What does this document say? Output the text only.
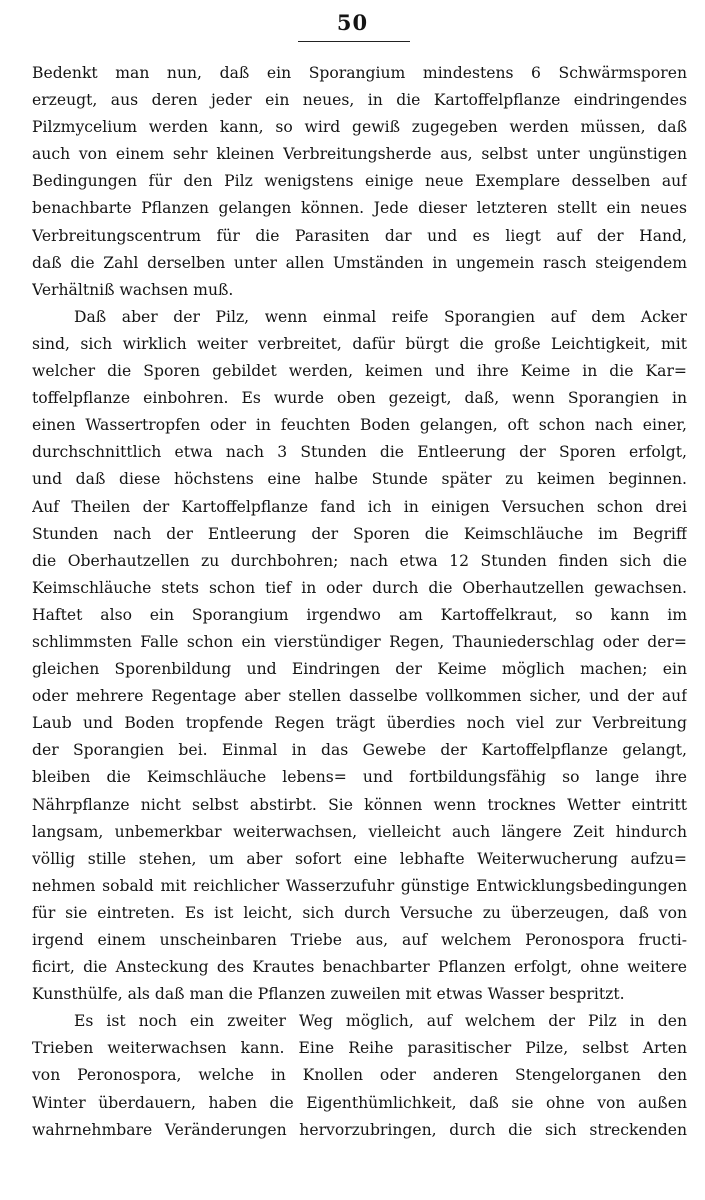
50
Bedenkt man nun, daß ein Sporangium mindestens 6 Schwärmsporen
erzeugt, aus deren jeder ein neues, in die Kartoffelpflanze eindringendes
Pilzmycelium werden kann, so wird gewiß zugegeben werden müssen, daß
auch von einem sehr kleinen Verbreitungsherde aus, selbst unter ungünstigen
Bedingungen für den Pilz wenigstens einige neue Exemplare desselben auf
benachbarte Pflanzen gelangen können. Jede dieser letzteren stellt ein neues
Verbreitungscentrum für die Parasiten dar und es liegt auf der Hand,
daß die Zahl derselben unter allen Umständen in ungemein rasch steigendem
Verhältniß wachsen muß.
Daß aber der Pilz, wenn einmal reife Sporangien auf dem Acker
sind, sich wirklich weiter verbreitet, dafür bürgt die große Leichtigkeit, mit
welcher die Sporen gebildet werden, keimen und ihre Keime in die Kar=
toffelpflanze einbohren. Es wurde oben gezeigt, daß, wenn Sporangien in
einen Wassertropfen oder in feuchten Boden gelangen, oft schon nach einer,
durchschnittlich etwa nach 3 Stunden die Entleerung der Sporen erfolgt,
und daß diese höchstens eine halbe Stunde später zu keimen beginnen.
Auf Theilen der Kartoffelpflanze fand ich in einigen Versuchen schon drei
Stunden nach der Entleerung der Sporen die Keimschläuche im Begriff
die Oberhautzellen zu durchbohren; nach etwa 12 Stunden finden sich die
Keimschläuche stets schon tief in oder durch die Oberhautzellen gewachsen.
Haftet also ein Sporangium irgendwo am Kartoffelkraut, so kann im
schlimmsten Falle schon ein vierstündiger Regen, Thauniederschlag oder der=
gleichen Sporenbildung und Eindringen der Keime möglich machen; ein
oder mehrere Regentage aber stellen dasselbe vollkommen sicher, und der auf
Laub und Boden tropfende Regen trägt überdies noch viel zur Verbreitung
der Sporangien bei. Einmal in das Gewebe der Kartoffelpflanze gelangt,
bleiben die Keimschläuche lebens= und fortbildungsfähig so lange ihre
Nährpflanze nicht selbst abstirbt. Sie können wenn trocknes Wetter eintritt
langsam, unbemerkbar weiterwachsen, vielleicht auch längere Zeit hindurch
völlig stille stehen, um aber sofort eine lebhafte Weiterwucherung aufzu=
nehmen sobald mit reichlicher Wasserzufuhr günstige Entwicklungsbedingungen
für sie eintreten. Es ist leicht, sich durch Versuche zu überzeugen, daß von
irgend einem unscheinbaren Triebe aus, auf welchem Peronospora fructi-
ficirt, die Ansteckung des Krautes benachbarter Pflanzen erfolgt, ohne weitere
Kunsthülfe, als daß man die Pflanzen zuweilen mit etwas Wasser bespritzt.
Es ist noch ein zweiter Weg möglich, auf welchem der Pilz in den
Trieben weiterwachsen kann. Eine Reihe parasitischer Pilze, selbst Arten
von Peronospora, welche in Knollen oder anderen Stengelorganen den
Winter überdauern, haben die Eigenthümlichkeit, daß sie ohne von außen
wahrnehmbare Veränderungen hervorzubringen, durch die sich streckenden
